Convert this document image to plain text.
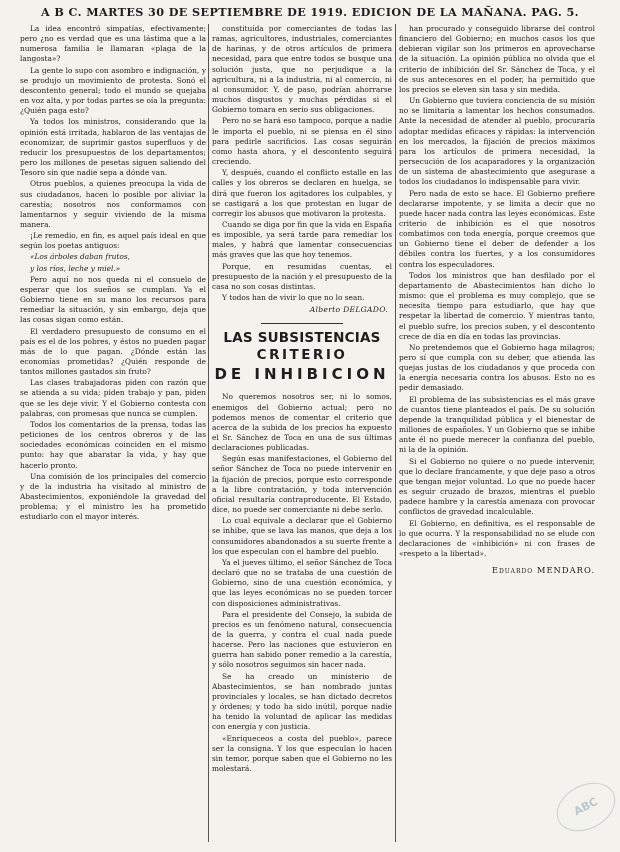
A B C. MARTES 30 DE SEPTIEMBRE DE 1919. EDICION DE LA MAÑANA. PAG. 5.

La idea encontró simpatías, efectivamente; pero ¿no es verdad que es una lástima que a la numerosa familia le llamaran «plaga de la langosta»?

La gente lo supo con asombro e indignación, y se produjo un movimiento de protesta. Sonó el descontento general; todo el mundo se quejaba en voz alta, y por todas partes se oía la pregunta: ¿Quién paga esto?

Ya todos los ministros, considerando que la opinión está irritada, hablaron de las ventajas de economizar, de suprimir gastos superfluos y de reducir los presupuestos de los departamentos; pero los millones de pesetas siguen saliendo del Tesoro sin que nadie sepa a dónde van.

Otros pueblos, a quienes preocupa la vida de sus ciudadanos, hacen lo posible por aliviar la carestía; nosotros nos conformamos con lamentarnos y seguir viviendo de la misma manera.

¡Le remedio, en fin, es aquel país ideal en que según los poetas antiguos:

«Los árboles daban frutos,

y los ríos, leche y miel.»

Pero aquí no nos queda ni el consuelo de esperar que los sueños se cumplan. Ya el Gobierno tiene en su mano los recursos para remediar la situación, y sin embargo, deja que las cosas sigan como están.

El verdadero presupuesto de consumo en el país es el de los pobres, y éstos no pueden pagar más de lo que pagan. ¿Dónde están las economías prometidas? ¿Quién responde de tantos millones gastados sin fruto?

Las clases trabajadoras piden con razón que se atienda a su vida; piden trabajo y pan, piden que se les deje vivir. Y el Gobierno contesta con palabras, con promesas que nunca se cumplen.

Todos los comentarios de la prensa, todas las peticiones de los centros obreros y de las sociedades económicas coinciden en el mismo punto: hay que abaratar la vida, y hay que hacerlo pronto.

Una comisión de los principales del comercio y de la industria ha visitado al ministro de Abastecimientos, exponiéndole la gravedad del problema; y el ministro les ha prometido estudiarlo con el mayor interés.

constituída por comerciantes de todas las ramas, agricultores, industriales, comerciantes de harinas, y de otros artículos de primera necesidad, para que entre todos se busque una solución justa, que no perjudique a la agricultura, ni a la industria, ni al comercio, ni al consumidor. Y, de paso, podrían ahorrarse muchos disgustos y muchas pérdidas si el Gobierno tomara en serio sus obligaciones.

Pero no se hará eso tampoco, porque a nadie le importa el pueblo, ni se piensa en él sino para pedirle sacrificios. Las cosas seguirán como hasta ahora, y el descontento seguirá creciendo.

Y, después, cuando el conflicto estalle en las calles y los obreros se declaren en huelga, se dirá que fueron los agitadores los culpables, y se castigará a los que protestan en lugar de corregir los abusos que motivaron la protesta.

Cuando se diga por fin que la vida en España es imposible, ya será tarde para remediar los males, y habrá que lamentar consecuencias más graves que las que hoy tenemos.

Porque, en resumidas cuentas, el presupuesto de la nación y el presupuesto de la casa no son cosas distintas.

Y todos han de vivir lo que no lo sean.

Alberto DELGADO.
LAS SUBSISTENCIAS
CRITERIO
DE INHIBICION

No queremos nosotros ser, ni lo somos, enemigos del Gobierno actual; pero no podemos menos de comentar el criterio que acerca de la subida de los precios ha expuesto el Sr. Sánchez de Toca en una de sus últimas declaraciones publicadas.

Según esas manifestaciones, el Gobierno del señor Sánchez de Toca no puede intervenir en la fijación de precios, porque esto corresponde a la libre contratación, y toda intervención oficial resultaría contraproducente. El Estado, dice, no puede ser comerciante ni debe serlo.

Lo cual equivale a declarar que el Gobierno se inhibe, que se lava las manos, que deja a los consumidores abandonados a su suerte frente a los que especulan con el hambre del pueblo.

Ya el jueves último, el señor Sánchez de Toca declaró que no se trataba de una cuestión de Gobierno, sino de una cuestión económica, y que las leyes económicas no se pueden torcer con disposiciones administrativas.

Para el presidente del Consejo, la subida de precios es un fenómeno natural, consecuencia de la guerra, y contra el cual nada puede hacerse. Pero las naciones que estuvieron en guerra han sabido poner remedio a la carestía, y sólo nosotros seguimos sin hacer nada.

Se ha creado un ministerio de Abastecimientos, se han nombrado juntas provinciales y locales, se han dictado decretos y órdenes; y todo ha sido inútil, porque nadie ha tenido la voluntad de aplicar las medidas con energía y con justicia.

«Enriqueceos a costa del pueblo», parece ser la consigna. Y los que especulan lo hacen sin temor, porque saben que el Gobierno no les molestará.

han procurado y conseguido librarse del control financiero del Gobierno; en muchos casos los que debieran vigilar son los primeros en aprovecharse de la situación. La opinión pública no olvida que el criterio de inhibición del Sr. Sánchez de Toca, y el de sus antecesores en el poder, ha permitido que los precios se eleven sin tasa y sin medida.

Un Gobierno que tuviera conciencia de su misión no se limitaría a lamentar los hechos consumados. Ante la necesidad de atender al pueblo, procuraría adoptar medidas eficaces y rápidas: la intervención en los mercados, la fijación de precios máximos para los artículos de primera necesidad, la persecución de los acaparadores y la organización de un sistema de abastecimiento que asegurase a todos los ciudadanos lo indispensable para vivir.

Pero nada de esto se hace. El Gobierno prefiere declararse impotente, y se limita a decir que no puede hacer nada contra las leyes económicas. Este criterio de inhibición es el que nosotros combatimos con toda energía, porque creemos que un Gobierno tiene el deber de defender a los débiles contra los fuertes, y a los consumidores contra los especuladores.

Todos los ministros que han desfilado por el departamento de Abastecimientos han dicho lo mismo: que el problema es muy complejo, que se necesita tiempo para estudiarlo, que hay que respetar la libertad de comercio. Y mientras tanto, el pueblo sufre, los precios suben, y el descontento crece de día en día en todas las provincias.

No pretendemos que el Gobierno haga milagros; pero sí que cumpla con su deber, que atienda las quejas justas de los ciudadanos y que proceda con la energía necesaria contra los abusos. Esto no es pedir demasiado.

El problema de las subsistencias es el más grave de cuantos tiene planteados el país. De su solución depende la tranquilidad pública y el bienestar de millones de españoles. Y un Gobierno que se inhibe ante él no puede merecer la confianza del pueblo, ni la de la opinión.

Si el Gobierno no quiere o no puede intervenir, que lo declare francamente, y que deje paso a otros que tengan mejor voluntad. Lo que no puede hacer es seguir cruzado de brazos, mientras el pueblo padece hambre y la carestía amenaza con provocar conflictos de gravedad incalculable.

El Gobierno, en definitiva, es el responsable de lo que ocurra. Y la responsabilidad no se elude con declaraciones de «inhibición» ni con frases de «respeto a la libertad».

Eduardo MENDARO.
ABC
